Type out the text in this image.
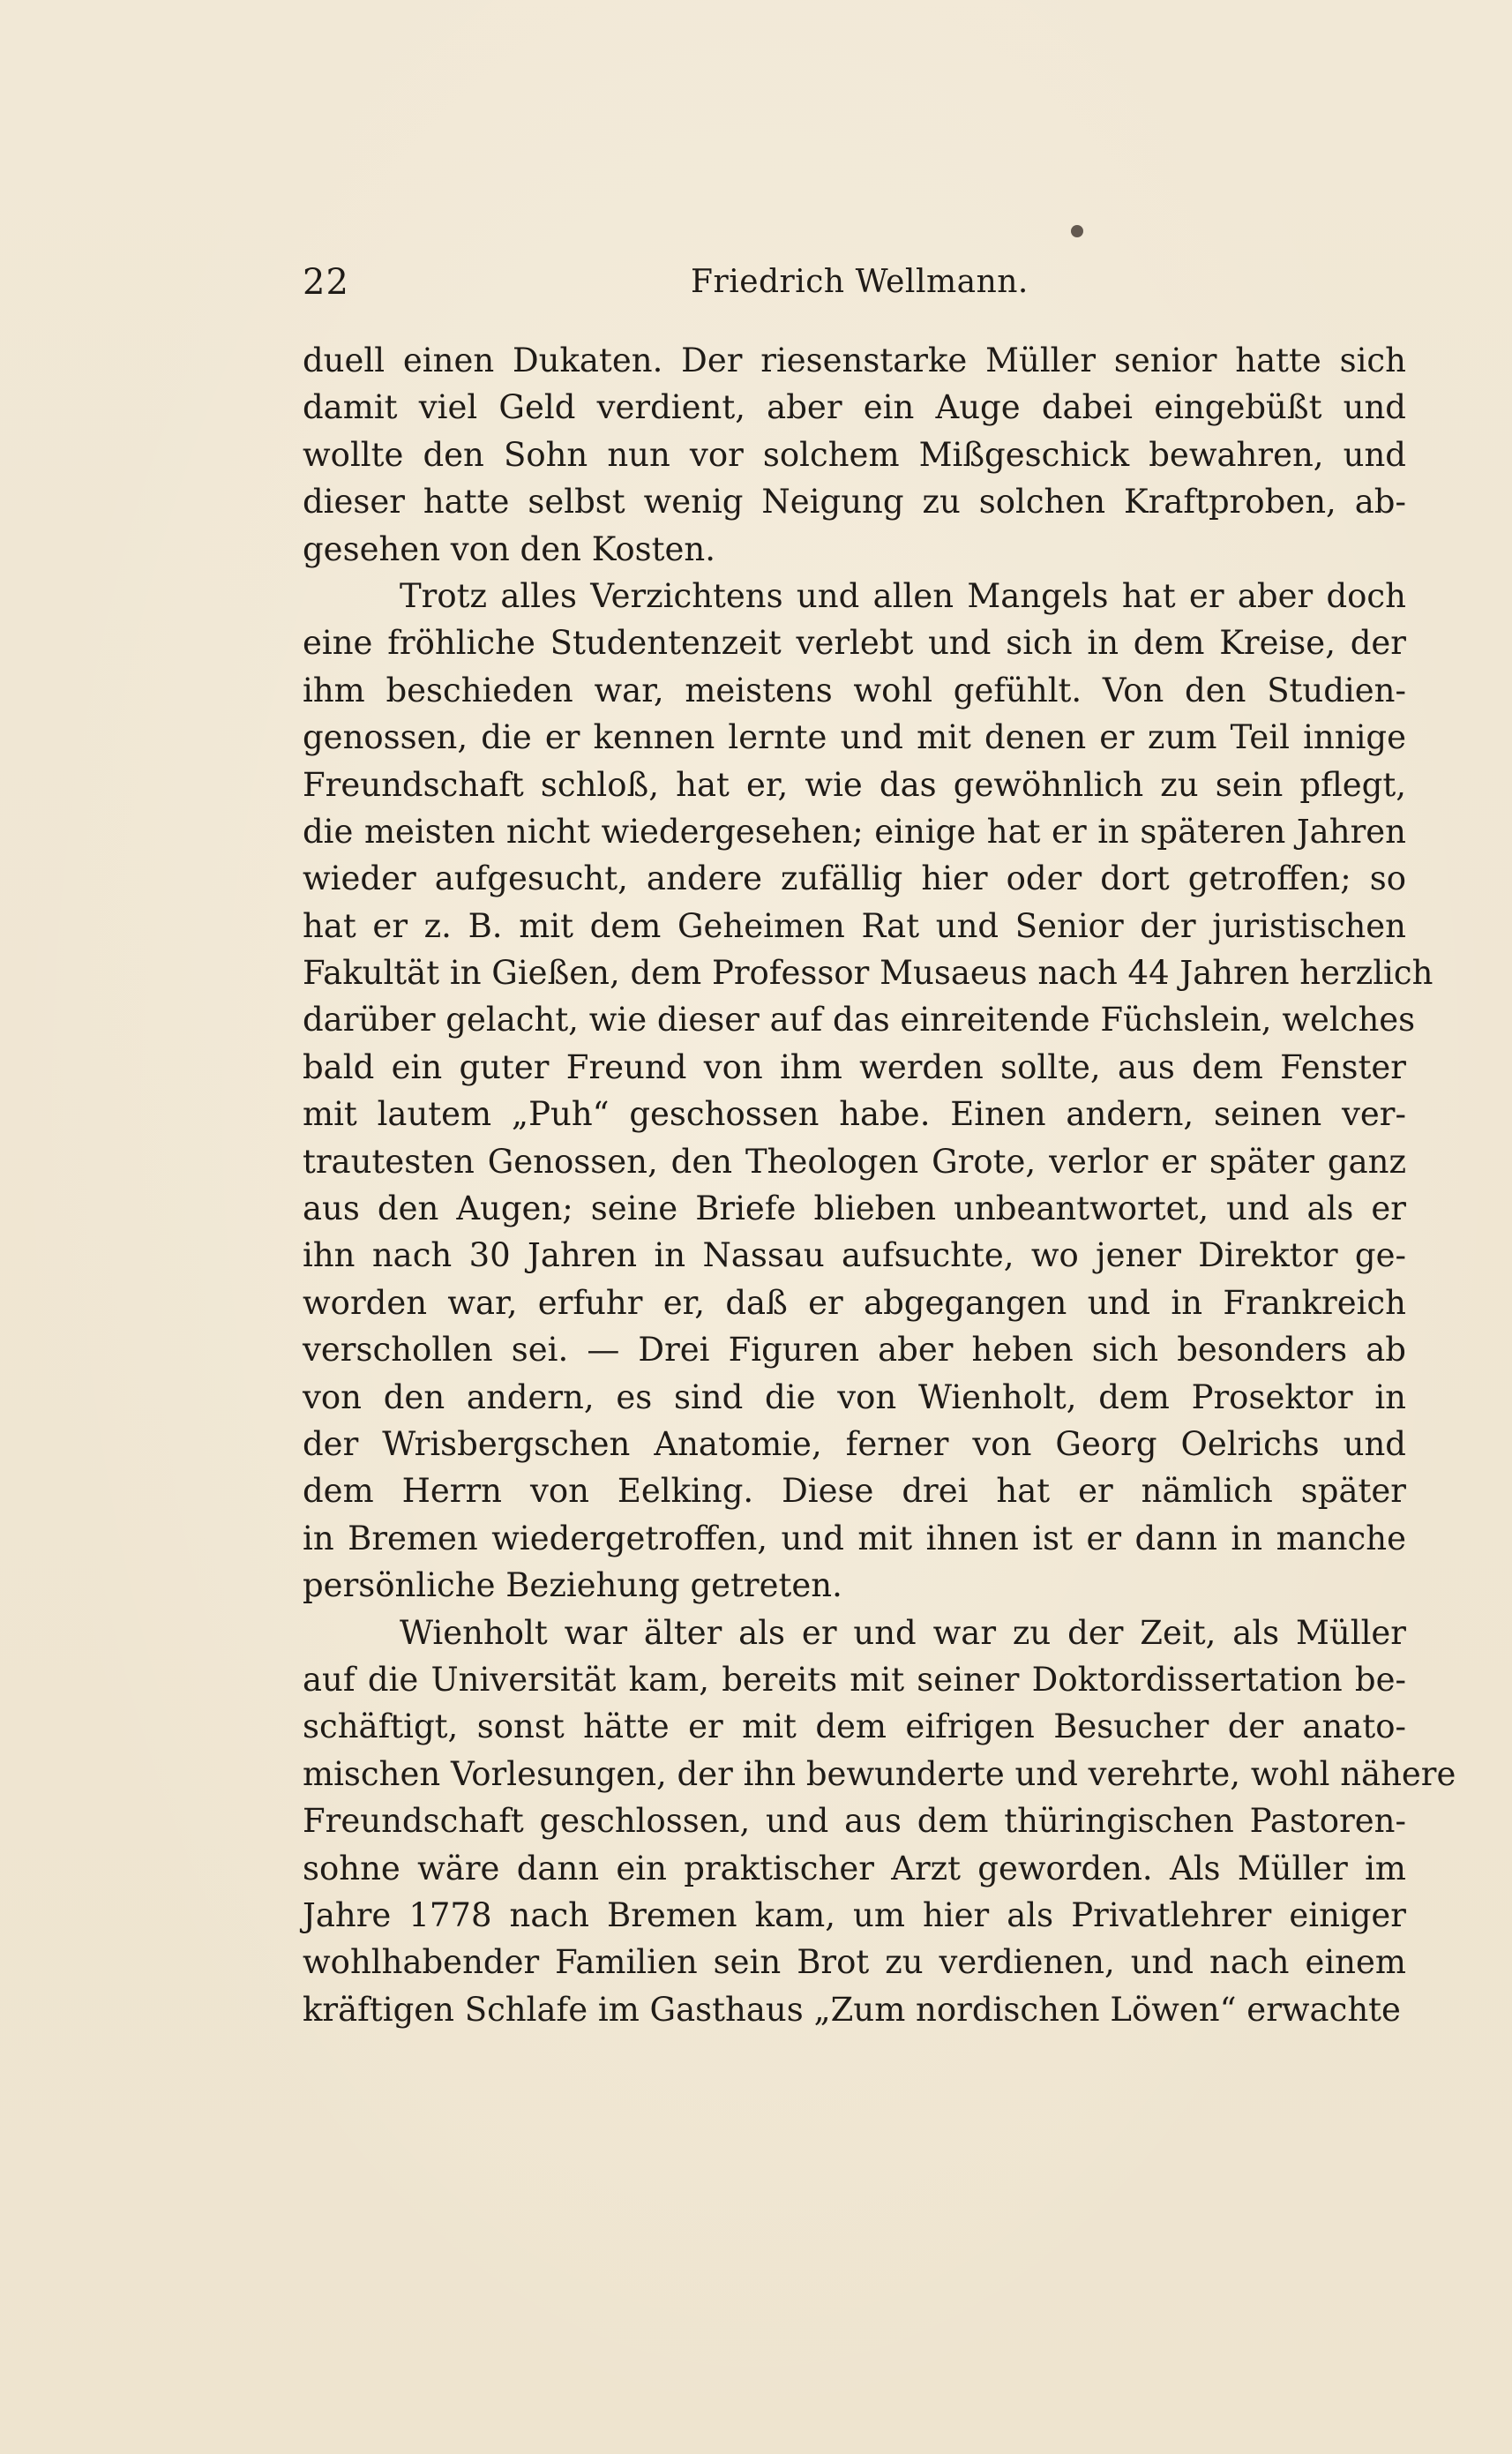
22	Friedrich Wellmann.
duell einen Dukaten. Der riesenstarke Müller senior hatte sich
damit viel Geld verdient, aber ein Auge dabei eingebüßt und
wollte den Sohn nun vor solchem Mißgeschick bewahren, und
dieser hatte selbst wenig Neigung zu solchen Kraftproben, ab-
gesehen von den Kosten.
Trotz alles Verzichtens und allen Mangels hat er aber doch
eine fröhliche Studentenzeit verlebt und sich in dem Kreise, der
ihm beschieden war, meistens wohl gefühlt. Von den Studien-
genossen, die er kennen lernte und mit denen er zum Teil innige
Freundschaft schloß, hat er, wie das gewöhnlich zu sein pflegt,
die meisten nicht wiedergesehen; einige hat er in späteren Jahren
wieder aufgesucht, andere zufällig hier oder dort getroffen; so
hat er z. B. mit dem Geheimen Rat und Senior der juristischen
Fakultät in Gießen, dem Professor Musaeus nach 44 Jahren herzlich
darüber gelacht, wie dieser auf das einreitende Füchslein, welches
bald ein guter Freund von ihm werden sollte, aus dem Fenster
mit lautem „Puh“ geschossen habe. Einen andern, seinen ver-
trautesten Genossen, den Theologen Grote, verlor er später ganz
aus den Augen; seine Briefe blieben unbeantwortet, und als er
ihn nach 30 Jahren in Nassau aufsuchte, wo jener Direktor ge-
worden war, erfuhr er, daß er abgegangen und in Frankreich
verschollen sei. — Drei Figuren aber heben sich besonders ab
von den andern, es sind die von Wienholt, dem Prosektor in
der Wrisbergschen Anatomie, ferner von Georg Oelrichs und
dem Herrn von Eelking. Diese drei hat er nämlich später
in Bremen wiedergetroffen, und mit ihnen ist er dann in manche
persönliche Beziehung getreten.
Wienholt war älter als er und war zu der Zeit, als Müller
auf die Universität kam, bereits mit seiner Doktordissertation be-
schäftigt, sonst hätte er mit dem eifrigen Besucher der anato-
mischen Vorlesungen, der ihn bewunderte und verehrte, wohl nähere
Freundschaft geschlossen, und aus dem thüringischen Pastoren-
sohne wäre dann ein praktischer Arzt geworden. Als Müller im
Jahre 1778 nach Bremen kam, um hier als Privatlehrer einiger
wohlhabender Familien sein Brot zu verdienen, und nach einem
kräftigen Schlafe im Gasthaus „Zum nordischen Löwen“ erwachte
